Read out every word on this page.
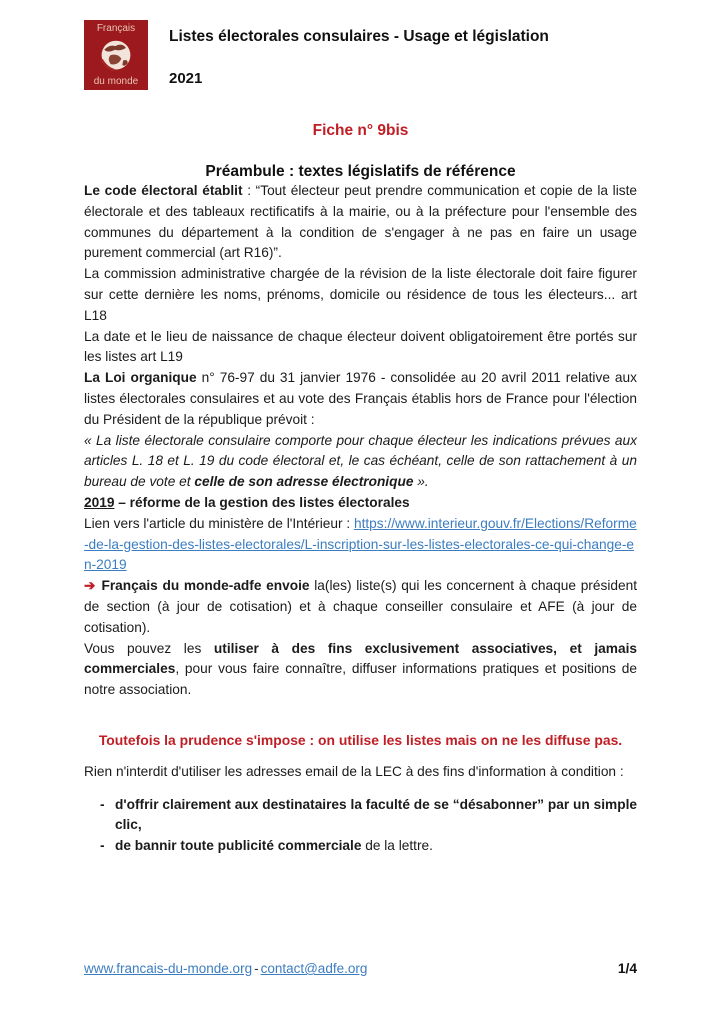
Français
du monde
Listes électorales consulaires - Usage et législation
2021
Fiche n° 9bis
Préambule : textes législatifs de référence

Le code électoral établit : “Tout électeur peut prendre communication et copie de la liste électorale et des tableaux rectificatifs à la mairie, ou à la préfecture pour l'ensemble des communes du département à la condition de s'engager à ne pas en faire un usage purement commercial (art R16)”.

La commission administrative chargée de la révision de la liste électorale doit faire figurer sur cette dernière les noms, prénoms, domicile ou résidence de tous les électeurs... art L18

La date et le lieu de naissance de chaque électeur doivent obligatoirement être portés sur les listes art L19

La Loi organique n° 76-97 du 31 janvier 1976 - consolidée au 20 avril 2011 relative aux listes électorales consulaires et au vote des Français établis hors de France pour l'élection du Président de la république prévoit :

« La liste électorale consulaire comporte pour chaque électeur les indications prévues aux articles L. 18 et L. 19 du code électoral et, le cas échéant, celle de son rattachement à un bureau de vote et celle de son adresse électronique ».

2019 – réforme de la gestion des listes électorales

Lien vers l'article du ministère de l'Intérieur : https://www.interieur.gouv.fr/Elections/Reforme-de-la-gestion-des-listes-electorales/L-inscription-sur-les-listes-electorales-ce-qui-change-en-2019

➔ Français du monde-adfe envoie la(les) liste(s) qui les concernent à chaque président de section (à jour de cotisation) et à chaque conseiller consulaire et AFE (à jour de cotisation).

Vous pouvez les utiliser à des fins exclusivement associatives, et jamais commerciales, pour vous faire connaître, diffuser informations pratiques et positions de notre association.

Toutefois la prudence s'impose : on utilise les listes mais on ne les diffuse pas.

Rien n'interdit d'utiliser les adresses email de la LEC à des fins d'information à condition :

- d'offrir clairement aux destinataires la faculté de se “désabonner” par un simple clic,
- de bannir toute publicité commerciale de la lettre.
www.francais-du-monde.org - contact@adfe.org	1/4
